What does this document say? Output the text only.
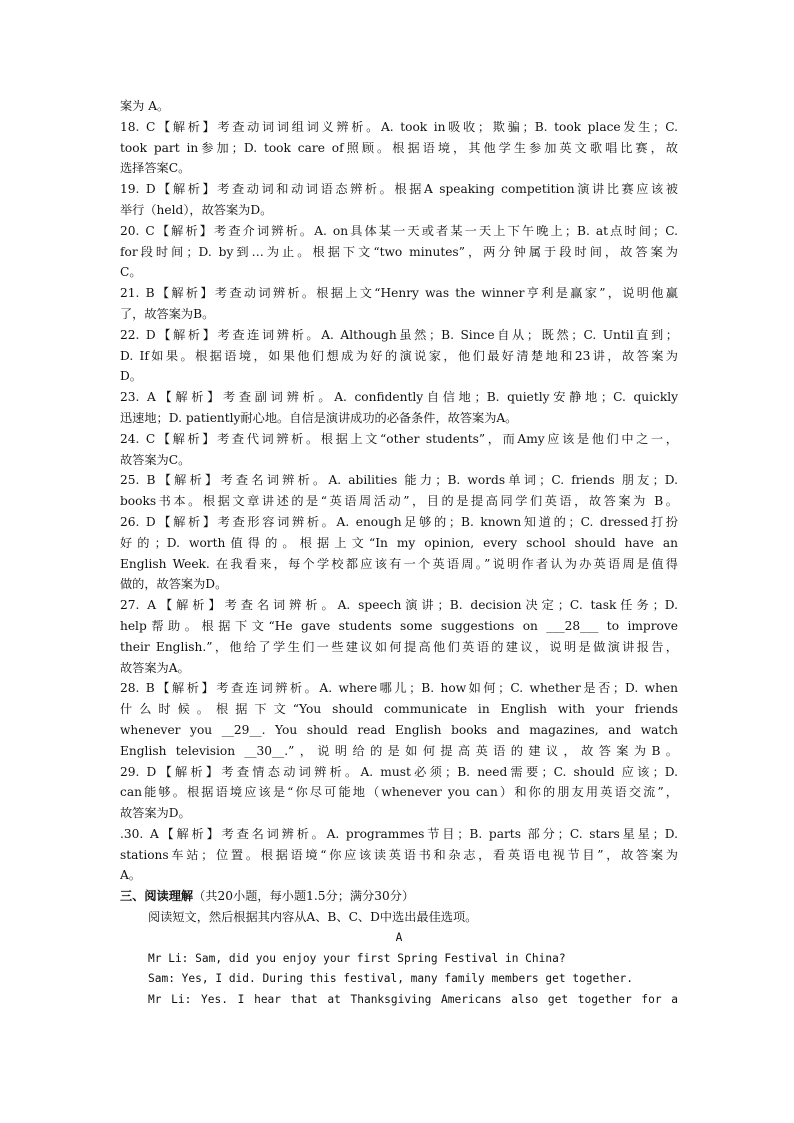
案为 A。
18. C【解析】考查动词词组词义辨析。A. took in吸收；欺骗；B. took place发生；C.
took part in参加；D. took care of照顾。根据语境，其他学生参加英文歌唱比赛，故
选择答案C。
19. D【解析】考查动词和动词语态辨析。根据A speaking competition演讲比赛应该被
举行（held），故答案为D。
20. C【解析】考查介词辨析。A. on具体某一天或者某一天上下午晚上；B. at点时间；C.
for段时间；D. by到…为止。根据下文“two minutes”，两分钟属于段时间，故答案为
C。
21. B【解析】考查动词辨析。根据上文“Henry was the winner亨利是赢家”，说明他赢
了，故答案为B。
22. D【解析】考查连词辨析。A. Although虽然；B. Since自从；既然；C. Until直到；
D. If如果。根据语境，如果他们想成为好的演说家，他们最好清楚地和23讲，故答案为
D。
23. A【解析】考查副词辨析。A. confidently自信地；B. quietly安静地；C. quickly
迅速地；D. patiently耐心地。自信是演讲成功的必备条件，故答案为A。
24. C【解析】考查代词辨析。根据上文“other students”，而Amy应该是他们中之一，
故答案为C。
25. B【解析】考查名词辨析。A. abilities 能力；B. words单词；C. friends 朋友；D.
books书本。根据文章讲述的是“英语周活动”，目的是提高同学们英语，故答案为 B。
26. D【解析】考查形容词辨析。A. enough足够的；B. known知道的；C. dressed打扮
好的；D. worth值得的。根据上文“In my opinion, every school should have an
English Week. 在我看来，每个学校都应该有一个英语周。”说明作者认为办英语周是值得
做的，故答案为D。
27. A【解析】考查名词辨析。A. speech演讲；B. decision决定；C. task任务；D.
help帮助。根据下文“He gave students some suggestions on ___28___ to improve
their English.”，他给了学生们一些建议如何提高他们英语的建议，说明是做演讲报告，
故答案为A。
28. B【解析】考查连词辨析。A. where哪儿；B. how如何；C. whether是否；D. when
什么时候。根据下文“You should communicate in English with your friends
whenever you __29__. You should read English books and magazines, and watch
English television __30__.”，说明给的是如何提高英语的建议，故答案为B。
29. D【解析】考查情态动词辨析。A. must必须；B. need需要；C. should 应该；D.
can能够。根据语境应该是“你尽可能地（whenever you can）和你的朋友用英语交流”，
故答案为D。
.30. A【解析】考查名词辨析。A. programmes节目；B. parts 部分；C. stars星星；D.
stations车站；位置。根据语境“你应该读英语书和杂志，看英语电视节目”，故答案为
A。
三、阅读理解（共20小题，每小题1.5分；满分30分）
阅读短文，然后根据其内容从A、B、C、D中选出最佳选项。
A
Mr Li: Sam, did you enjoy your first Spring Festival in China?
Sam: Yes, I did. During this festival, many family members get together.
Mr Li: Yes. I hear that at Thanksgiving Americans also get together for a
